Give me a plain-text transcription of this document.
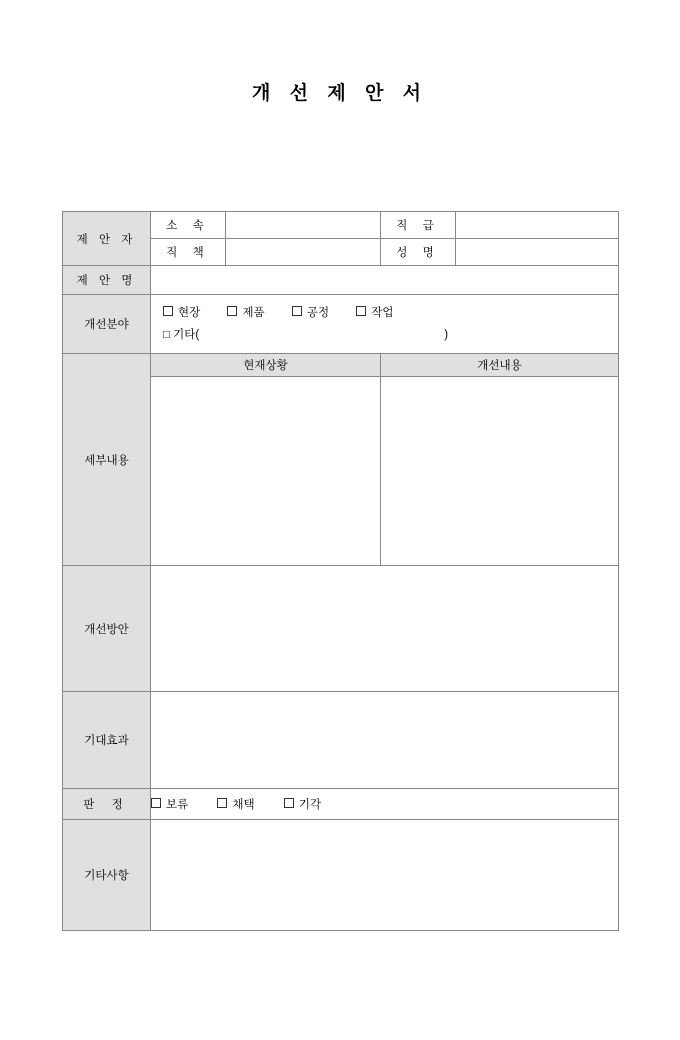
개 선 제 안 서
제 안 자	소 속		직 급	
	직 책		성 명	
제 안 명				
개선분야	현장 제품 공정 작업
□ 기타( )			

세부내용	현재상황		개선내용	

개선방안				
기대효과				
판 정	보류 채택 기각			
기타사항				
